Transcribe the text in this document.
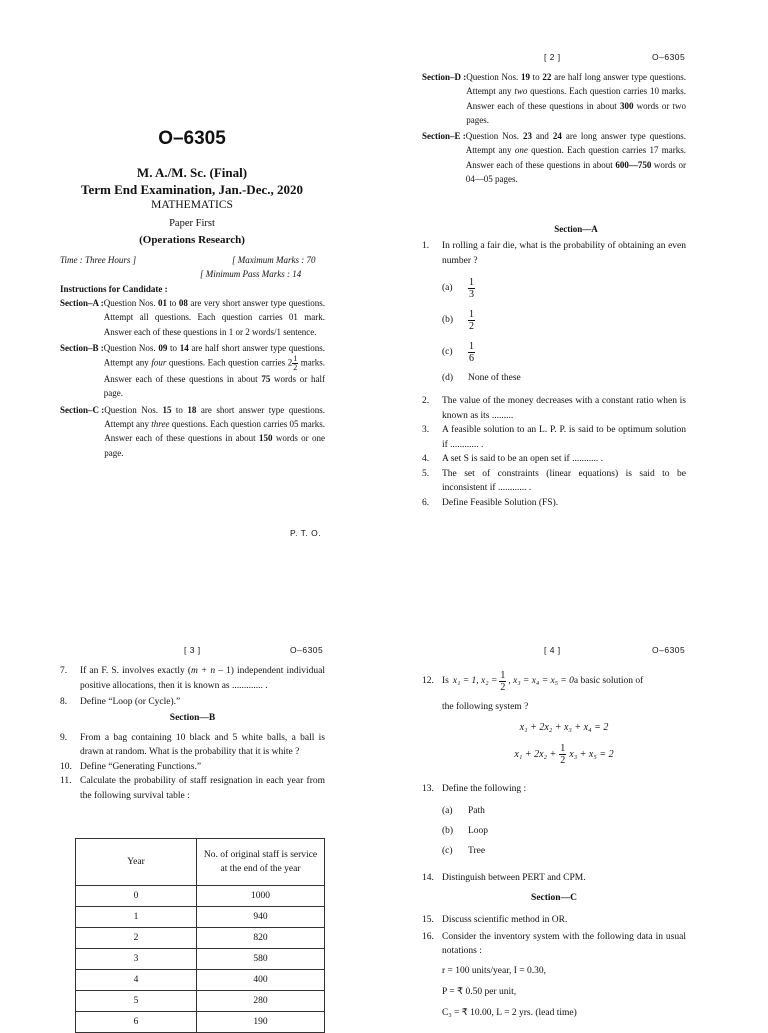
O–6305
M. A./M. Sc. (Final)
Term End Examination, Jan.-Dec., 2020
MATHEMATICS
Paper First
(Operations Research)
Time : Three Hours ]	[ Maximum Marks : 70
[ Minimum Pass Marks : 14
Instructions for Candidate :
Section–A : Question Nos. 01 to 08 are very short answer type questions. Attempt all questions. Each question carries 01 mark. Answer each of these questions in 1 or 2 words/1 sentence.
Section–B : Question Nos. 09 to 14 are half short answer type questions. Attempt any four questions. Each question carries $2 \frac{1}{2}$ marks. Answer each of these questions in about 75 words or half page.
Section–C : Question Nos. 15 to 18 are short answer type questions. Attempt any three questions. Each question carries 05 marks. Answer each of these questions in about 150 words or one page.
P. T. O.
[ 2 ]	O–6305
Section–D : Question Nos. 19 to 22 are half long answer type questions. Attempt any two questions. Each question carries 10 marks. Answer each of these questions in about 300 words or two pages.
Section–E : Question Nos. 23 and 24 are long answer type questions. Attempt any one question. Each question carries 17 marks. Answer each of these questions in about 600—750 words or 04—05 pages.
Section—A
1.	In rolling a fair die, what is the probability of obtaining an even number ?
(a)	$\frac{1}{3}$
(b)	$\frac{1}{2}$
(c)	$\frac{1}{6}$
(d)	None of these
2.	The value of the money decreases with a constant ratio when is known as its .........
3.	A feasible solution to an L. P. P. is said to be optimum solution if ............ .
4.	A set S is said to be an open set if ........... .
5.	The set of constraints (linear equations) is said to be inconsistent if ............ .
6.	Define Feasible Solution (FS).
[ 3 ]	O–6305
7.	If an F. S. involves exactly (m + n – 1) independent individual positive allocations, then it is known as ............. .
8.	Define “Loop (or Cycle).”
Section—B
9.	From a bag containing 10 black and 5 white balls, a ball is drawn at random. What is the probability that it is white ?
10. Define “Generating Functions.”
11. Calculate the probability of staff resignation in each year from the following survival table :
Year	No. of original staff is service at the end of the year
0	1000
1	940
2	820
3	580
4	400
5	280
6	190
[ 4 ]	O–6305
12. Is x₁ = 1, $x_2 = \frac{1}{2}$ , x₃ = x₄ = x₅ = 0 a basic solution of
the following system ?
x₁ + 2x₂ + x₃ + x₄ = 2
$x_1 + 2x_2 + \frac{1}{2} x_3 + x_5 = 2$
13. Define the following :
(a)	Path
(b)	Loop
(c)	Tree
14. Distinguish between PERT and CPM.
Section—C
15. Discuss scientific method in OR.
16. Consider the inventory system with the following data in usual notations :
r = 100 units/year, I = 0.30,
P = ₹ 0.50 per unit,
C₃ = ₹ 10.00, L = 2 yrs. (lead time)
